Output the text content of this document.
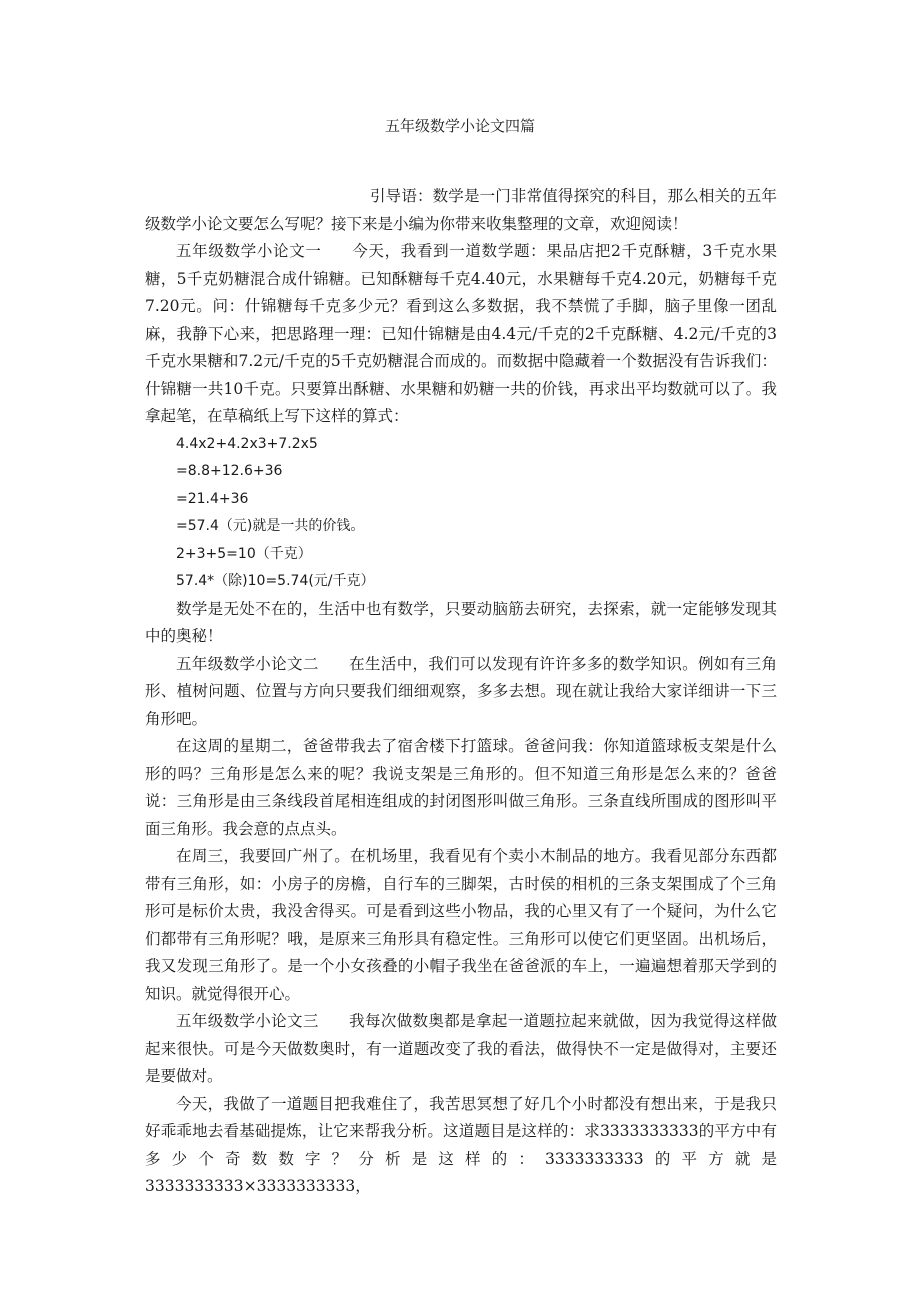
五年级数学小论文四篇

引导语：数学是一门非常值得探究的科目，那么相关的五年级数学小论文要怎么写呢？接下来是小编为你带来收集整理的文章，欢迎阅读！

五年级数学小论文一 今天，我看到一道数学题：果品店把2千克酥糖，3千克水果糖，5千克奶糖混合成什锦糖。已知酥糖每千克4.40元，水果糖每千克4.20元，奶糖每千克7.20元。问：什锦糖每千克多少元？看到这么多数据，我不禁慌了手脚，脑子里像一团乱麻，我静下心来，把思路理一理：已知什锦糖是由4.4元/千克的2千克酥糖、4.2元/千克的3千克水果糖和7.2元/千克的5千克奶糖混合而成的。而数据中隐藏着一个数据没有告诉我们：什锦糖一共10千克。只要算出酥糖、水果糖和奶糖一共的价钱，再求出平均数就可以了。我拿起笔，在草稿纸上写下这样的算式：

4.4x2+4.2x3+7.2x5

=8.8+12.6+36

=21.4+36

=57.4（元)就是一共的价钱。

2+3+5=10（千克）

57.4*（除)10=5.74(元/千克）

数学是无处不在的，生活中也有数学，只要动脑筋去研究，去探索，就一定能够发现其中的奥秘！

五年级数学小论文二 在生活中，我们可以发现有许许多多的数学知识。例如有三角形、植树问题、位置与方向只要我们细细观察，多多去想。现在就让我给大家详细讲一下三角形吧。

在这周的星期二，爸爸带我去了宿舍楼下打篮球。爸爸问我：你知道篮球板支架是什么形的吗？三角形是怎么来的呢？我说支架是三角形的。但不知道三角形是怎么来的？爸爸说：三角形是由三条线段首尾相连组成的封闭图形叫做三角形。三条直线所围成的图形叫平面三角形。我会意的点点头。

在周三，我要回广州了。在机场里，我看见有个卖小木制品的地方。我看见部分东西都带有三角形，如：小房子的房檐，自行车的三脚架，古时侯的相机的三条支架围成了个三角形可是标价太贵，我没舍得买。可是看到这些小物品，我的心里又有了一个疑问，为什么它们都带有三角形呢？哦，是原来三角形具有稳定性。三角形可以使它们更坚固。出机场后，我又发现三角形了。是一个小女孩叠的小帽子我坐在爸爸派的车上，一遍遍想着那天学到的知识。就觉得很开心。

五年级数学小论文三 我每次做数奥都是拿起一道题拉起来就做，因为我觉得这样做起来很快。可是今天做数奥时，有一道题改变了我的看法，做得快不一定是做得对，主要还是要做对。

今天，我做了一道题目把我难住了，我苦思冥想了好几个小时都没有想出来，于是我只好乖乖地去看基础提炼，让它来帮我分析。这道题目是这样的：求3333333333的平方中有多少个奇数数字？分析是这样的：3333333333的平方就是3333333333×3333333333，
